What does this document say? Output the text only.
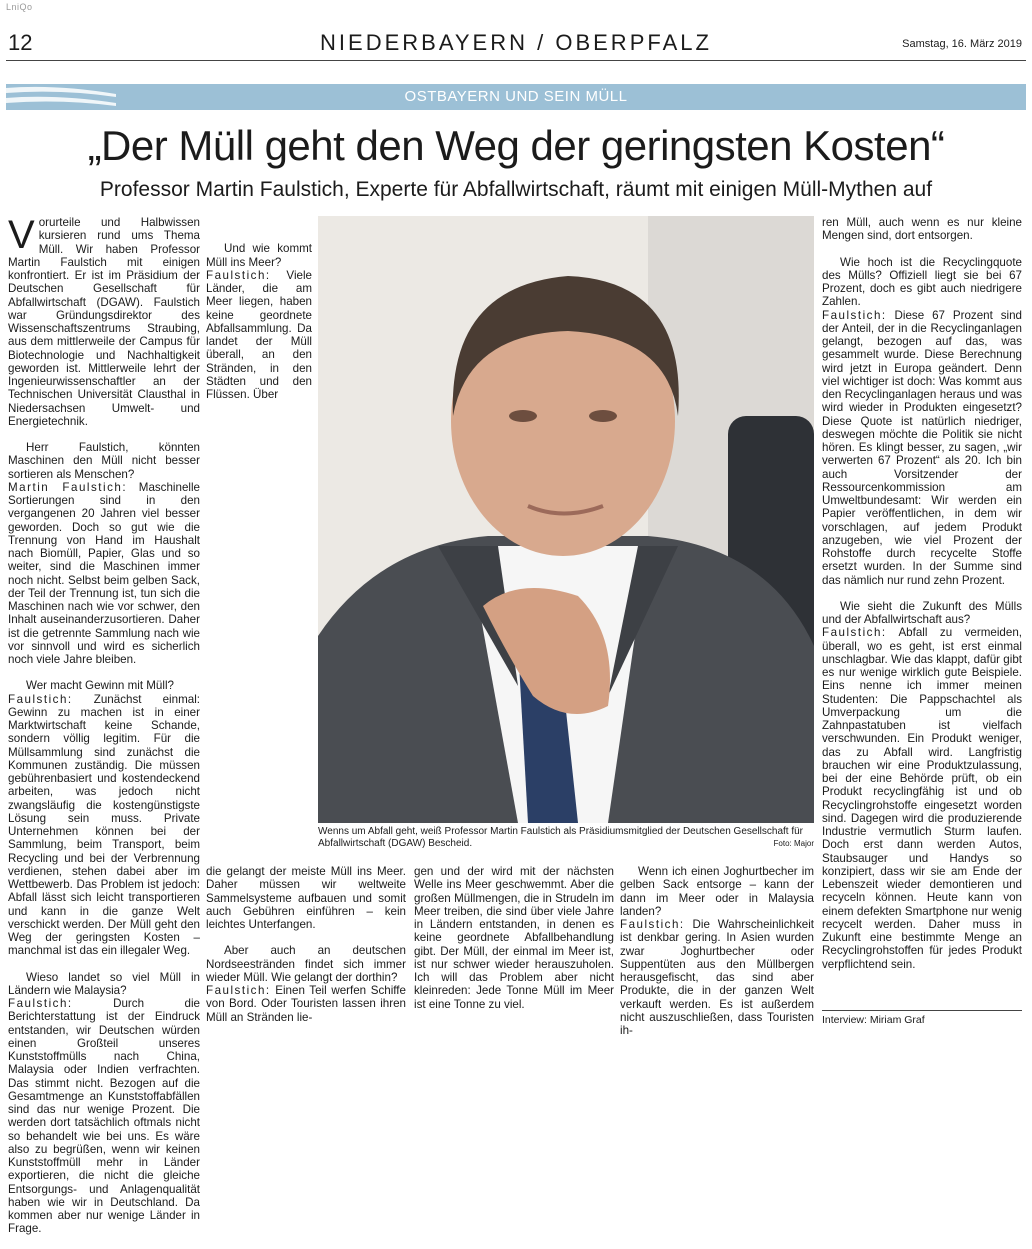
LniQo
12	NIEDERBAYERN / OBERPFALZ	Samstag, 16. März 2019
OSTBAYERN UND SEIN MÜLL
„Der Müll geht den Weg der geringsten Kosten“
Professor Martin Faulstich, Experte für Abfallwirtschaft, räumt mit einigen Müll-Mythen auf

Vorurteile und Halbwissen kursieren rund ums Thema Müll. Wir haben Professor Martin Faulstich mit einigen konfrontiert. Er ist im Präsidium der Deutschen Gesellschaft für Abfallwirtschaft (DGAW). Faulstich war Gründungsdirektor des Wissenschaftszentrums Straubing, aus dem mittlerweile der Campus für Biotechnologie und Nachhaltigkeit geworden ist. Mittlerweile lehrt der Ingenieurwissenschaftler an der Technischen Universität Clausthal in Niedersachsen Umwelt- und Energietechnik.

Herr Faulstich, könnten Maschinen den Müll nicht besser sortieren als Menschen?

Martin Faulstich: Maschinelle Sortierungen sind in den vergangenen 20 Jahren viel besser geworden. Doch so gut wie die Trennung von Hand im Haushalt nach Biomüll, Papier, Glas und so weiter, sind die Maschinen immer noch nicht. Selbst beim gelben Sack, der Teil der Trennung ist, tun sich die Maschinen nach wie vor schwer, den Inhalt auseinanderzusortieren. Daher ist die getrennte Sammlung nach wie vor sinnvoll und wird es sicherlich noch viele Jahre bleiben.

Wer macht Gewinn mit Müll?

Faulstich: Zunächst einmal: Gewinn zu machen ist in einer Marktwirtschaft keine Schande, sondern völlig legitim. Für die Müllsammlung sind zunächst die Kommunen zuständig. Die müssen gebührenbasiert und kostendeckend arbeiten, was jedoch nicht zwangsläufig die kostengünstigste Lösung sein muss. Private Unternehmen können bei der Sammlung, beim Transport, beim Recycling und bei der Verbrennung verdienen, stehen dabei aber im Wettbewerb. Das Problem ist jedoch: Abfall lässt sich leicht transportieren und kann in die ganze Welt verschickt werden. Der Müll geht den Weg der geringsten Kosten – manchmal ist das ein illegaler Weg.

Wieso landet so viel Müll in Ländern wie Malaysia?

Faulstich:	Durch die Berichterstattung ist der Eindruck entstanden, wir Deutschen würden einen Großteil unseres Kunststoffmülls nach China, Malaysia oder Indien verfrachten. Das stimmt nicht. Bezogen auf die Gesamtmenge an Kunststoffabfällen sind das nur wenige Prozent. Die werden dort tatsächlich oftmals nicht so behandelt wie bei uns. Es wäre also zu begrüßen, wenn wir keinen Kunststoffmüll mehr in Länder exportieren, die nicht die gleiche Entsorgungs- und Anlagenqualität haben wie wir in Deutschland. Da kommen aber nur wenige Länder in Frage.

Und wie kommt Müll ins Meer?

Faulstich: Viele Länder, die am Meer liegen, haben keine geordnete Abfallsammlung. Da landet der Müll überall, an den Stränden, in den Städten und den Flüssen. Über

Wenns um Abfall geht, weiß Professor Martin Faulstich als Präsidiumsmitglied der Deutschen Gesellschaft für Abfallwirtschaft (DGAW) Bescheid.	Foto: Major

die gelangt der meiste Müll ins Meer. Daher müssen wir weltweite Sammelsysteme aufbauen und somit auch Gebühren einführen – kein leichtes Unterfangen.

Aber auch an deutschen Nordseestränden findet sich immer wieder Müll. Wie gelangt der dorthin?

Faulstich: Einen Teil werfen Schiffe von Bord. Oder Touristen lassen ihren Müll an Stränden lie-

gen und der wird mit der nächsten Welle ins Meer geschwemmt. Aber die großen Müllmengen, die in Strudeln im Meer treiben, die sind über viele Jahre in Ländern entstanden, in denen es keine geordnete Abfallbehandlung gibt. Der Müll, der einmal im Meer ist, ist nur schwer wieder herauszuholen. Ich will das Problem aber nicht kleinreden: Jede Tonne Müll im Meer ist eine Tonne zu viel.

Wenn ich einen Joghurtbecher im gelben Sack entsorge – kann der dann im Meer oder in Malaysia landen?

Faulstich: Die Wahrscheinlichkeit ist denkbar gering. In Asien wurden zwar Joghurtbecher oder Suppentüten aus den Müllbergen herausgefischt, das sind aber Produkte, die in der ganzen Welt verkauft werden. Es ist außerdem nicht auszuschließen, dass Touristen ih-

ren Müll, auch wenn es nur kleine Mengen sind, dort entsorgen.

Wie hoch ist die Recyclingquote des Mülls? Offiziell liegt sie bei 67 Prozent, doch es gibt auch niedrigere Zahlen.

Faulstich: Diese 67 Prozent sind der Anteil, der in die Recyclinganlagen gelangt, bezogen auf das, was gesammelt wurde. Diese Berechnung wird jetzt in Europa geändert. Denn viel wichtiger ist doch: Was kommt aus den Recyclinganlagen heraus und was wird wieder in Produkten eingesetzt? Diese Quote ist natürlich niedriger, deswegen möchte die Politik sie nicht hören. Es klingt besser, zu sagen, „wir verwerten 67 Prozent“ als 20. Ich bin auch Vorsitzender der Ressourcenkommission am Umweltbundesamt: Wir werden ein Papier veröffentlichen, in dem wir vorschlagen, auf jedem Produkt anzugeben, wie viel Prozent der Rohstoffe durch recycelte Stoffe ersetzt wurden. In der Summe sind das nämlich nur rund zehn Prozent.

Wie sieht die Zukunft des Mülls und der Abfallwirtschaft aus?

Faulstich: Abfall zu vermeiden, überall, wo es geht, ist erst einmal unschlagbar. Wie das klappt, dafür gibt es nur wenige wirklich gute Beispiele. Eins nenne ich immer meinen Studenten: Die Pappschachtel als Umverpackung um die Zahnpastatuben ist vielfach verschwunden. Ein Produkt weniger, das zu Abfall wird. Langfristig brauchen wir eine Produktzulassung, bei der eine Behörde prüft, ob ein Produkt recyclingfähig ist und ob Recyclingrohstoffe eingesetzt worden sind. Dagegen wird die produzierende Industrie vermutlich Sturm laufen. Doch erst dann werden Autos, Staubsauger und Handys so konzipiert, dass wir sie am Ende der Lebenszeit wieder demontieren und recyceln können. Heute kann von einem defekten Smartphone nur wenig recycelt werden. Daher muss in Zukunft eine bestimmte Menge an Recyclingrohstoffen für jedes Produkt verpflichtend sein.

Interview: Miriam Graf
